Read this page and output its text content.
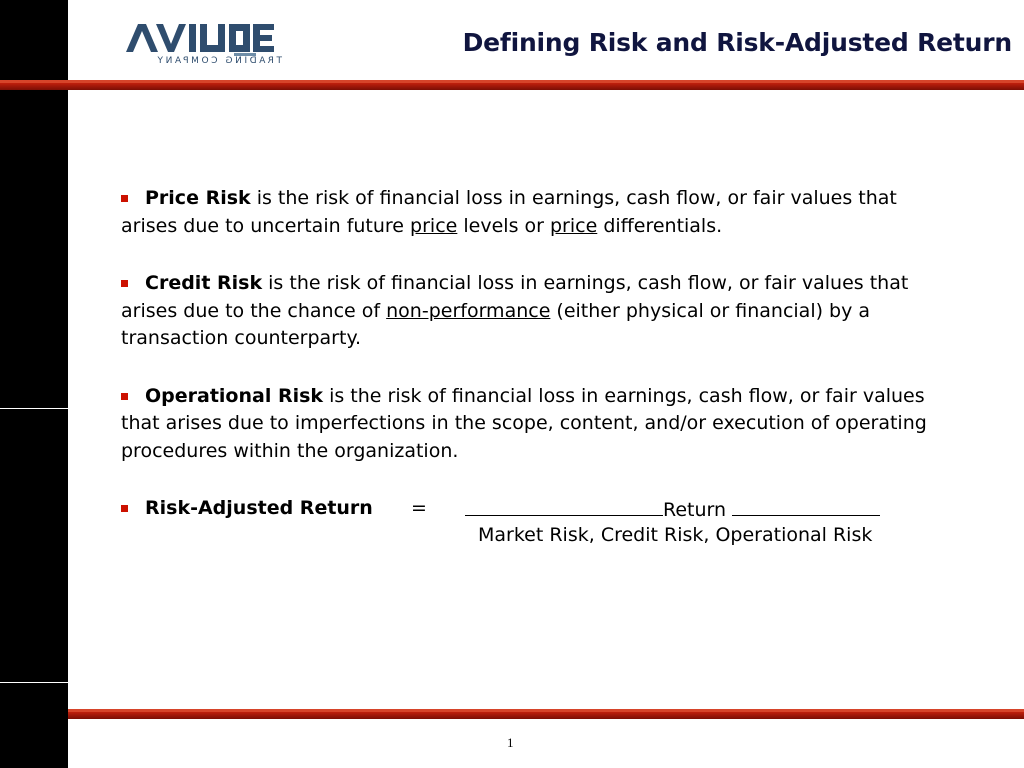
TRADING COMPANY
Defining Risk and Risk-Adjusted Return
Price Risk is the risk of financial loss in earnings, cash flow, or fair values that arises due to uncertain future price levels or price differentials.
Credit Risk is the risk of financial loss in earnings, cash flow, or fair values that arises due to the chance of non-performance (either physical or financial) by a transaction counterparty.
Operational Risk is the risk of financial loss in earnings, cash flow, or fair values that arises due to imperfections in the scope, content, and/or execution of operating procedures within the organization.
Risk-Adjusted Return =	Return
Market Risk, Credit Risk, Operational Risk
1
